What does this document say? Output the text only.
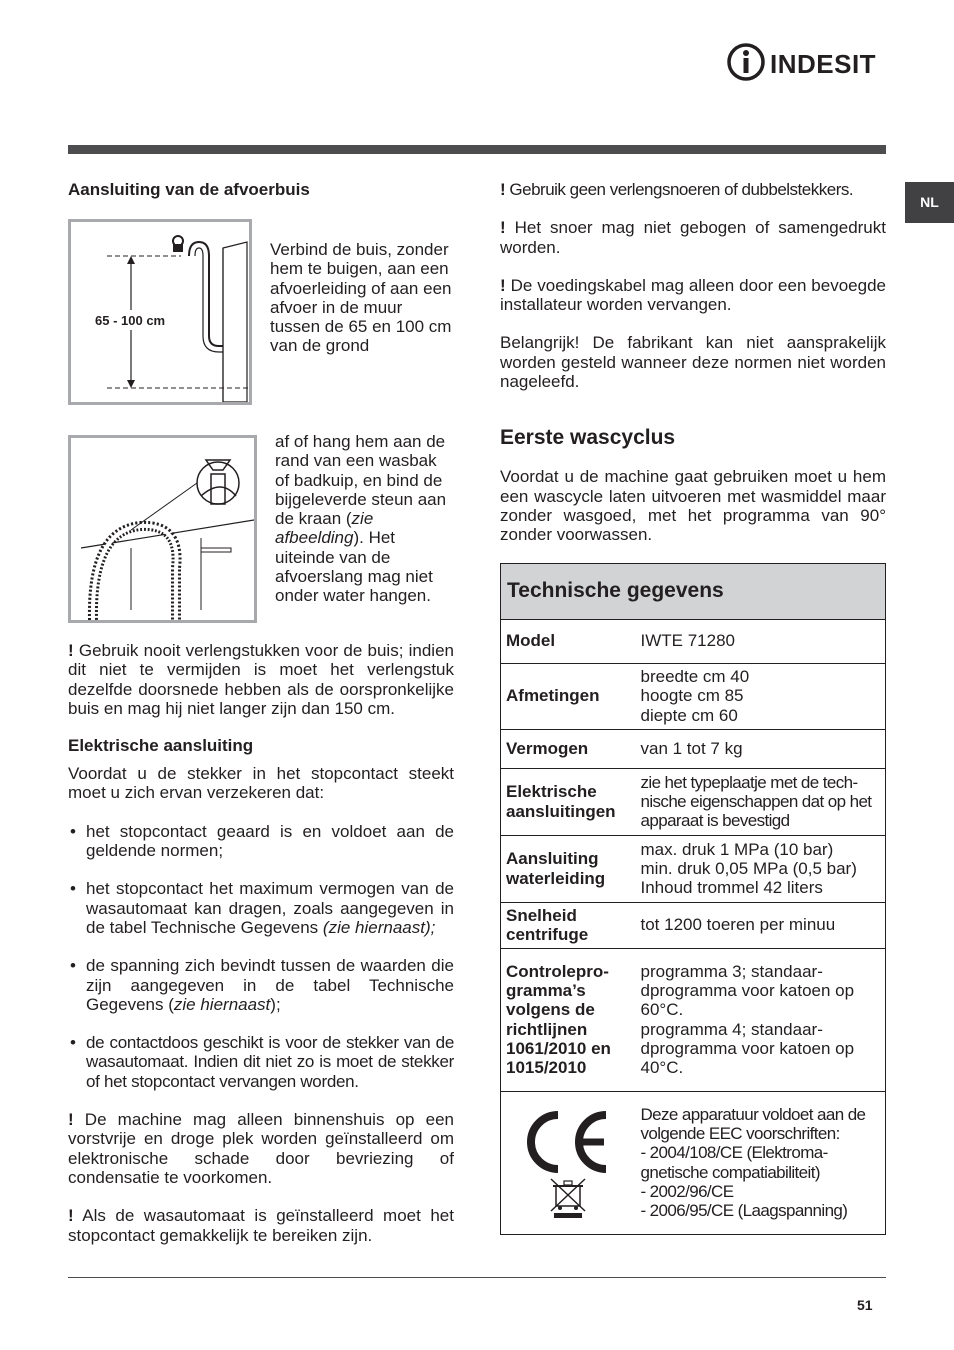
INDESIT
NL
Aansluiting van de afvoerbuis
65 - 100 cm

Verbind de buis, zonder hem te buigen, aan een afvoerleiding of aan een afvoer in de muur tussen de 65 en 100 cm van de grond

af of hang hem aan de rand van een wasbak of badkuip, en bind de bijgeleverde steun aan de kraan (zie afbeelding). Het uiteinde van de afvoerslang mag niet onder water hangen.

! Gebruik nooit verlengstukken voor de buis; indien dit niet te vermijden is moet het verlengstuk dezelfde doorsnede hebben als de oorspronkelijke buis en mag hij niet langer zijn dan 150 cm.

Elektrische aansluiting

Voordat u de stekker in het stopcontact steekt moet u zich ervan verzekeren dat:

• het stopcontact geaard is en voldoet aan de geldende normen;
• het stopcontact het maximum vermogen van de wasautomaat kan dragen, zoals aangegeven in de tabel Technische Gegevens (zie hiernaast);
• de spanning zich bevindt tussen de waarden die zijn aangegeven in de tabel Technische Gegevens (zie hiernaast);
• de contactdoos geschikt is voor de stekker van de wasautomaat. Indien dit niet zo is moet de stekker of het stopcontact vervangen worden.

! De machine mag alleen binnenshuis op een vorstvrije en droge plek worden geïnstalleerd om elektronische schade door bevriezing of condensatie te voorkomen.

! Als de wasautomaat is geïnstalleerd moet het stopcontact gemakkelijk te bereiken zijn.

! Gebruik geen verlengsnoeren of dubbelstekkers.

! Het snoer mag niet gebogen of samengedrukt worden.

! De voedingskabel mag alleen door een bevoegde installateur worden vervangen.

Belangrijk! De fabrikant kan niet aansprakelijk worden gesteld wanneer deze normen niet worden nageleefd.

Eerste wascyclus

Voordat u de machine gaat gebruiken moet u hem een wascycle laten uitvoeren met wasmiddel maar zonder wasgoed, met het programma van 90° zonder voorwassen.

Technische gegevens	
Model	IWTE 71280
Afmetingen	breedte cm 40
hoogte cm 85
diepte cm 60
Vermogen	van 1 tot 7 kg
Elektrische aansluitingen	zie het typeplaatje met de technische eigenschappen dat op het apparaat is bevestigd
Aansluiting waterleiding	max. druk 1 MPa (10 bar)
min. druk 0,05 MPa (0,5 bar)
Inhoud trommel 42 liters
Snelheid centrifuge	tot 1200 toeren per minuu
Controleprogramma’s volgens de richtlijnen 1061/2010 en 1015/2010	programma 3; standaardprogramma voor katoen op 60°C.
programma 4; standaardprogramma voor katoen op 40°C.
	Deze apparatuur voldoet aan de volgende EEC voorschriften:
- 2004/108/CE (Elektromagnetische compatiabiliteit)
- 2002/96/CE
- 2006/95/CE (Laagspanning)
51
